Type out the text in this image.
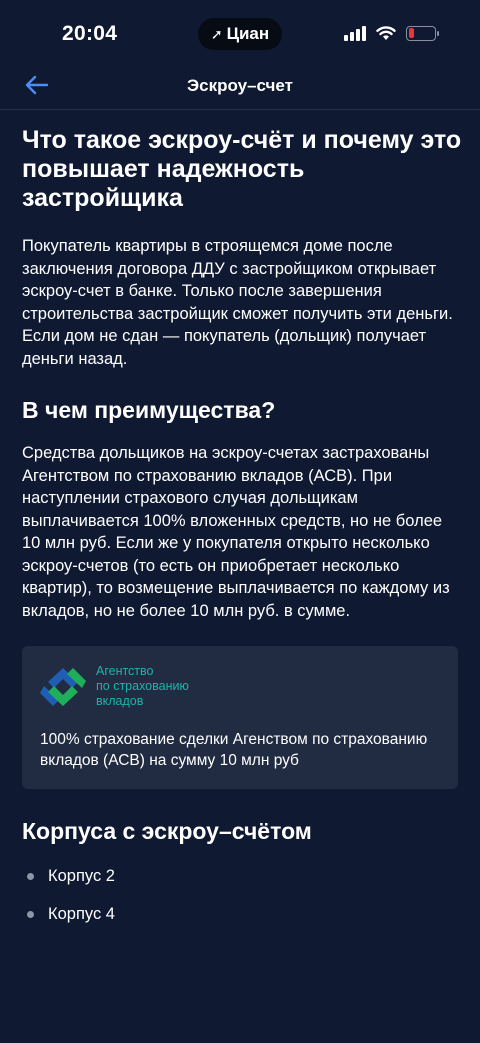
20:04	➚ Циан
Эскроу–счет
Что такое эскроу-счёт и почему это повышает надежность застройщика

Покупатель квартиры в строящемся доме после заключения договора ДДУ с застройщиком открывает эскроу-счет в банке. Только после завершения строительства застройщик сможет получить эти деньги. Если дом не сдан — покупатель (дольщик) получает деньги назад.

В чем преимущества?

Средства дольщиков на эскроу-счетах застрахованы Агентством по страхованию вкладов (АСВ). При наступлении страхового случая дольщикам выплачивается 100% вложенных средств, но не более 10 млн руб. Если же у покупателя открыто несколько эскроу-счетов (то есть он приобретает несколько квартир), то возмещение выплачивается по каждому из вкладов, но не более 10 млн руб. в сумме.

Агентство
по страхованию
вкладов

100% страхование сделки Агенством по страхованию вкладов (АСВ) на сумму 10 млн руб

Корпуса с эскроу–счётом
Корпус 2
Корпус 4
